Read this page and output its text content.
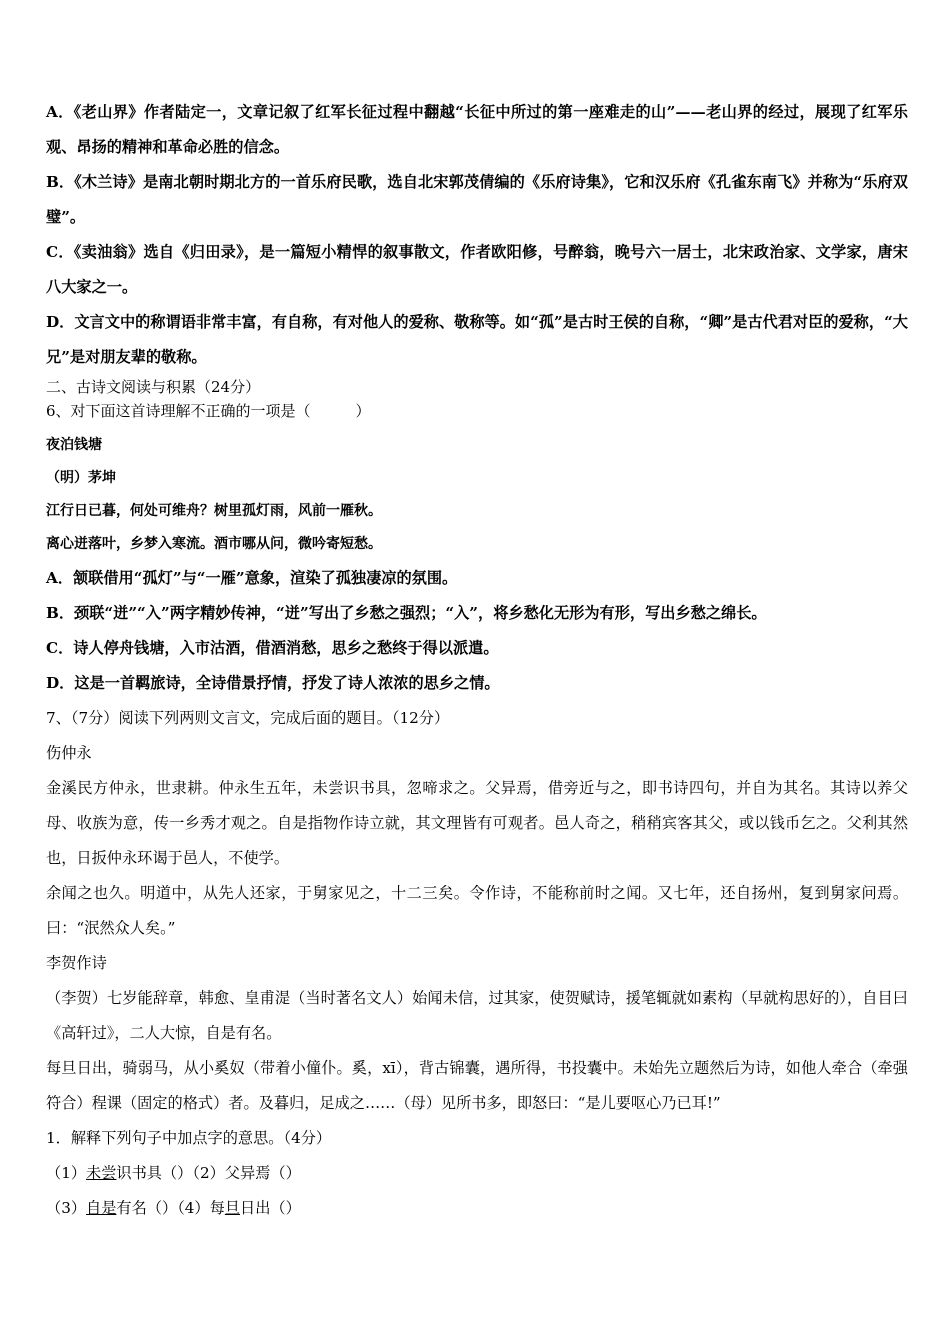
A．《老山界》作者陆定一，文章记叙了红军长征过程中翻越“长征中所过的第一座难走的山”——老山界的经过，展现了红军乐观、昂扬的精神和革命必胜的信念。

B．《木兰诗》是南北朝时期北方的一首乐府民歌，选自北宋郭茂倩编的《乐府诗集》，它和汉乐府《孔雀东南飞》并称为“乐府双璧”。

C．《卖油翁》选自《归田录》，是一篇短小精悍的叙事散文，作者欧阳修，号醉翁，晚号六一居士，北宋政治家、文学家，唐宋八大家之一。

D．文言文中的称谓语非常丰富，有自称，有对他人的爱称、敬称等。如“孤”是古时王侯的自称，“卿”是古代君对臣的爱称，“大兄”是对朋友辈的敬称。

二、古诗文阅读与积累（24分）

6、对下面这首诗理解不正确的一项是（　　　）

夜泊钱塘

（明）茅坤

江行日已暮，何处可维舟？树里孤灯雨，风前一雁秋。

离心迸落叶，乡梦入寒流。酒市哪从问，微吟寄短愁。

A．颔联借用“孤灯”与“一雁”意象，渲染了孤独凄凉的氛围。

B．颈联“迸”“入”两字精妙传神，“迸”写出了乡愁之强烈；“入”，将乡愁化无形为有形，写出乡愁之绵长。

C．诗人停舟钱塘，入市沽酒，借酒消愁，思乡之愁终于得以派遣。

D．这是一首羁旅诗，全诗借景抒情，抒发了诗人浓浓的思乡之情。

7、（7分）阅读下列两则文言文，完成后面的题目。（12分）

伤仲永

金溪民方仲永，世隶耕。仲永生五年，未尝识书具，忽啼求之。父异焉，借旁近与之，即书诗四句，并自为其名。其诗以养父母、收族为意，传一乡秀才观之。自是指物作诗立就，其文理皆有可观者。邑人奇之，稍稍宾客其父，或以钱币乞之。父利其然也，日扳仲永环谒于邑人，不使学。

余闻之也久。明道中，从先人还家，于舅家见之，十二三矣。令作诗，不能称前时之闻。又七年，还自扬州，复到舅家问焉。曰：“泯然众人矣。”

李贺作诗

（李贺）七岁能辞章，韩愈、皇甫湜（当时著名文人）始闻未信，过其家，使贺赋诗，援笔辄就如素构（早就构思好的），自目曰《高轩过》，二人大惊，自是有名。

每旦日出，骑弱马，从小奚奴（带着小僮仆。奚，xī），背古锦囊，遇所得，书投囊中。未始先立题然后为诗，如他人牵合（牵强符合）程课（固定的格式）者。及暮归，足成之……（母）见所书多，即怒曰：“是儿要呕心乃已耳!”

1．解释下列句子中加点字的意思。（4分）

（1）未尝识书具（）（2）父异焉（）

（3）自是有名（）（4）每旦日出（）
